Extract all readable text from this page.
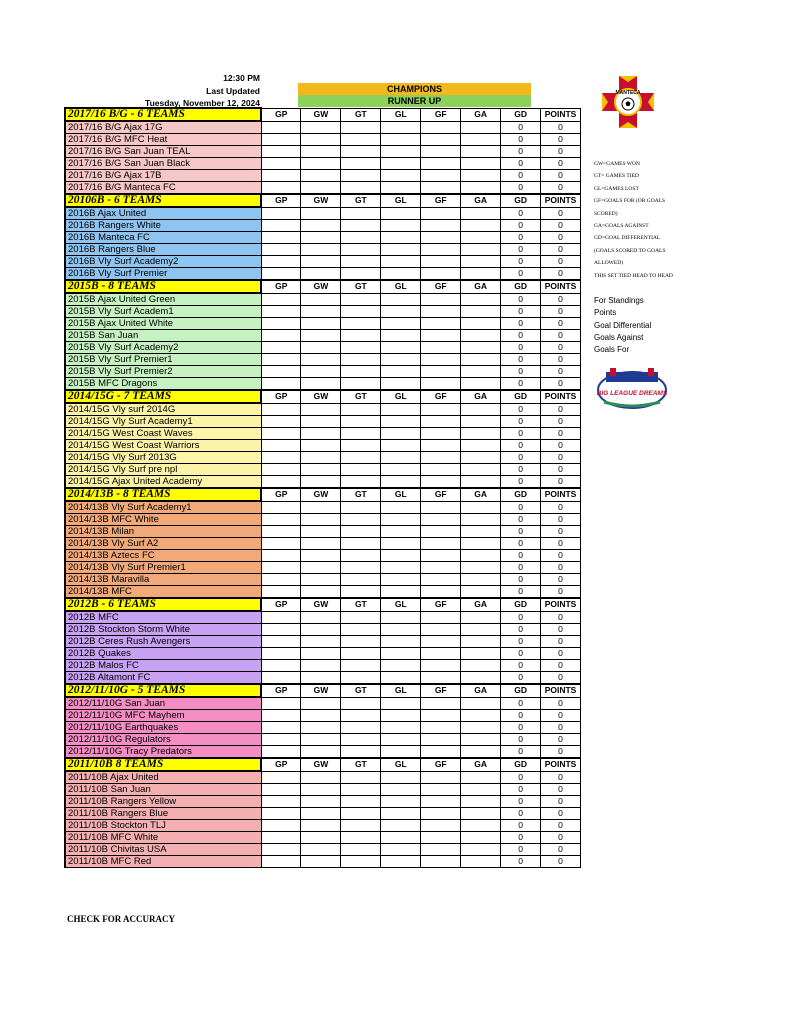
12:30 PM
Last Updated
Tuesday, November 12, 2024
CHAMPIONS
RUNNER UP
MANTECA
GW=GAMES WON
GT= GAMES TIED
GL=GAMES LOST
GF=GOALS FOR (OR GOALS
SCORED)
GA=GOALS AGAINST
GD=GOAL DIFFERENTIAL
(GOALS SCORED TO GOALS
ALLOWED)
THIS SET TIED HEAD TO HEAD
For Standings
Points
Goal Differential
Goals Against
Goals For
BIG LEAGUE DREAMS
2017/16 B/G - 6 TEAMS	GP	GW	GT	GL	GF	GA	GD	POINTS
2017/16 B/G Ajax 17G							0	0
2017/16 B/G MFC Heat							0	0
2017/16 B/G San Juan TEAL							0	0
2017/16 B/G San Juan Black							0	0
2017/16 B/G Ajax 17B							0	0
2017/16 B/G Manteca FC							0	0
20106B - 6 TEAMS	GP	GW	GT	GL	GF	GA	GD	POINTS
2016B Ajax United							0	0
2016B Rangers White							0	0
2016B Manteca FC							0	0
2016B Rangers Blue							0	0
2016B Vly Surf Academy2							0	0
2016B Vly Surf Premier							0	0
2015B - 8 TEAMS	GP	GW	GT	GL	GF	GA	GD	POINTS
2015B Ajax United Green							0	0
2015B Vly Surf Academ1							0	0
2015B Ajax United White							0	0
2015B San Juan							0	0
2015B Vly Surf Academy2							0	0
2015B Vly Surf Premier1							0	0
2015B Vly Surf Premier2							0	0
2015B MFC Dragons							0	0
2014/15G - 7 TEAMS	GP	GW	GT	GL	GF	GA	GD	POINTS
2014/15G Vly surf 2014G							0	0
2014/15G Vly Surf Academy1							0	0
2014/15G West Coast Waves							0	0
2014/15G West Coast Warriors							0	0
2014/15G Vly Surf 2013G							0	0
2014/15G Vly Surf pre npl							0	0
2014/15G Ajax United Academy							0	0
2014/13B - 8 TEAMS	GP	GW	GT	GL	GF	GA	GD	POINTS
2014/13B Vly Surf Academy1							0	0
2014/13B MFC White							0	0
2014/13B Milan							0	0
2014/13B Vly Surf A2							0	0
2014/13B Aztecs FC							0	0
2014/13B Vly Surf Premier1							0	0
2014/13B Maravilla							0	0
2014/13B MFC							0	0
2012B - 6 TEAMS	GP	GW	GT	GL	GF	GA	GD	POINTS
2012B MFC							0	0
2012B Stockton Storm White							0	0
2012B Ceres Rush Avengers							0	0
2012B Quakes							0	0
2012B Malos FC							0	0
2012B Altamont FC							0	0
2012/11/10G - 5 TEAMS	GP	GW	GT	GL	GF	GA	GD	POINTS
2012/11/10G San Juan							0	0
2012/11/10G MFC Mayhem							0	0
2012/11/10G Earthquakes							0	0
2012/11/10G Regulators							0	0
2012/11/10G Tracy Predators							0	0
2011/10B 8 TEAMS	GP	GW	GT	GL	GF	GA	GD	POINTS
2011/10B Ajax United							0	0
2011/10B San Juan							0	0
2011/10B Rangers Yellow							0	0
2011/10B Rangers Blue							0	0
2011/10B Stockton TLJ							0	0
2011/10B MFC White							0	0
2011/10B Chivitas USA							0	0
2011/10B MFC Red							0	0
CHECK FOR ACCURACY
